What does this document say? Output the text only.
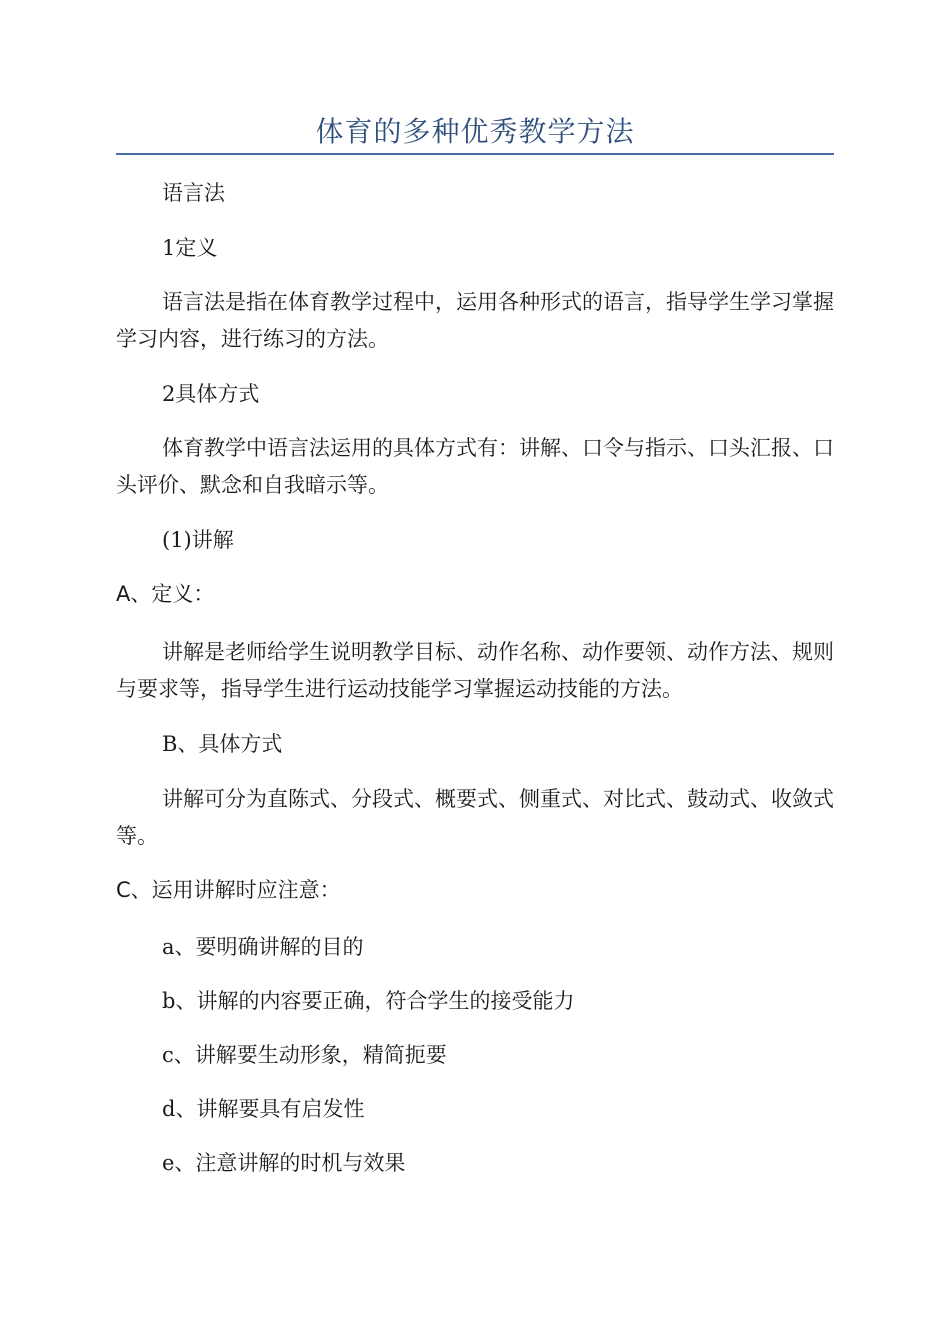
体育的多种优秀教学方法

语言法

1定义

语言法是指在体育教学过程中，运用各种形式的语言，指导学生学习掌握学习内容，进行练习的方法。

2具体方式

体育教学中语言法运用的具体方式有：讲解、口令与指示、口头汇报、口头评价、默念和自我暗示等。

(1)讲解

A、定义：

讲解是老师给学生说明教学目标、动作名称、动作要领、动作方法、规则与要求等，指导学生进行运动技能学习掌握运动技能的方法。

B、具体方式

讲解可分为直陈式、分段式、概要式、侧重式、对比式、鼓动式、收敛式等。

C、运用讲解时应注意：

a、要明确讲解的目的

b、讲解的内容要正确，符合学生的接受能力

c、讲解要生动形象，精简扼要

d、讲解要具有启发性

e、注意讲解的时机与效果
